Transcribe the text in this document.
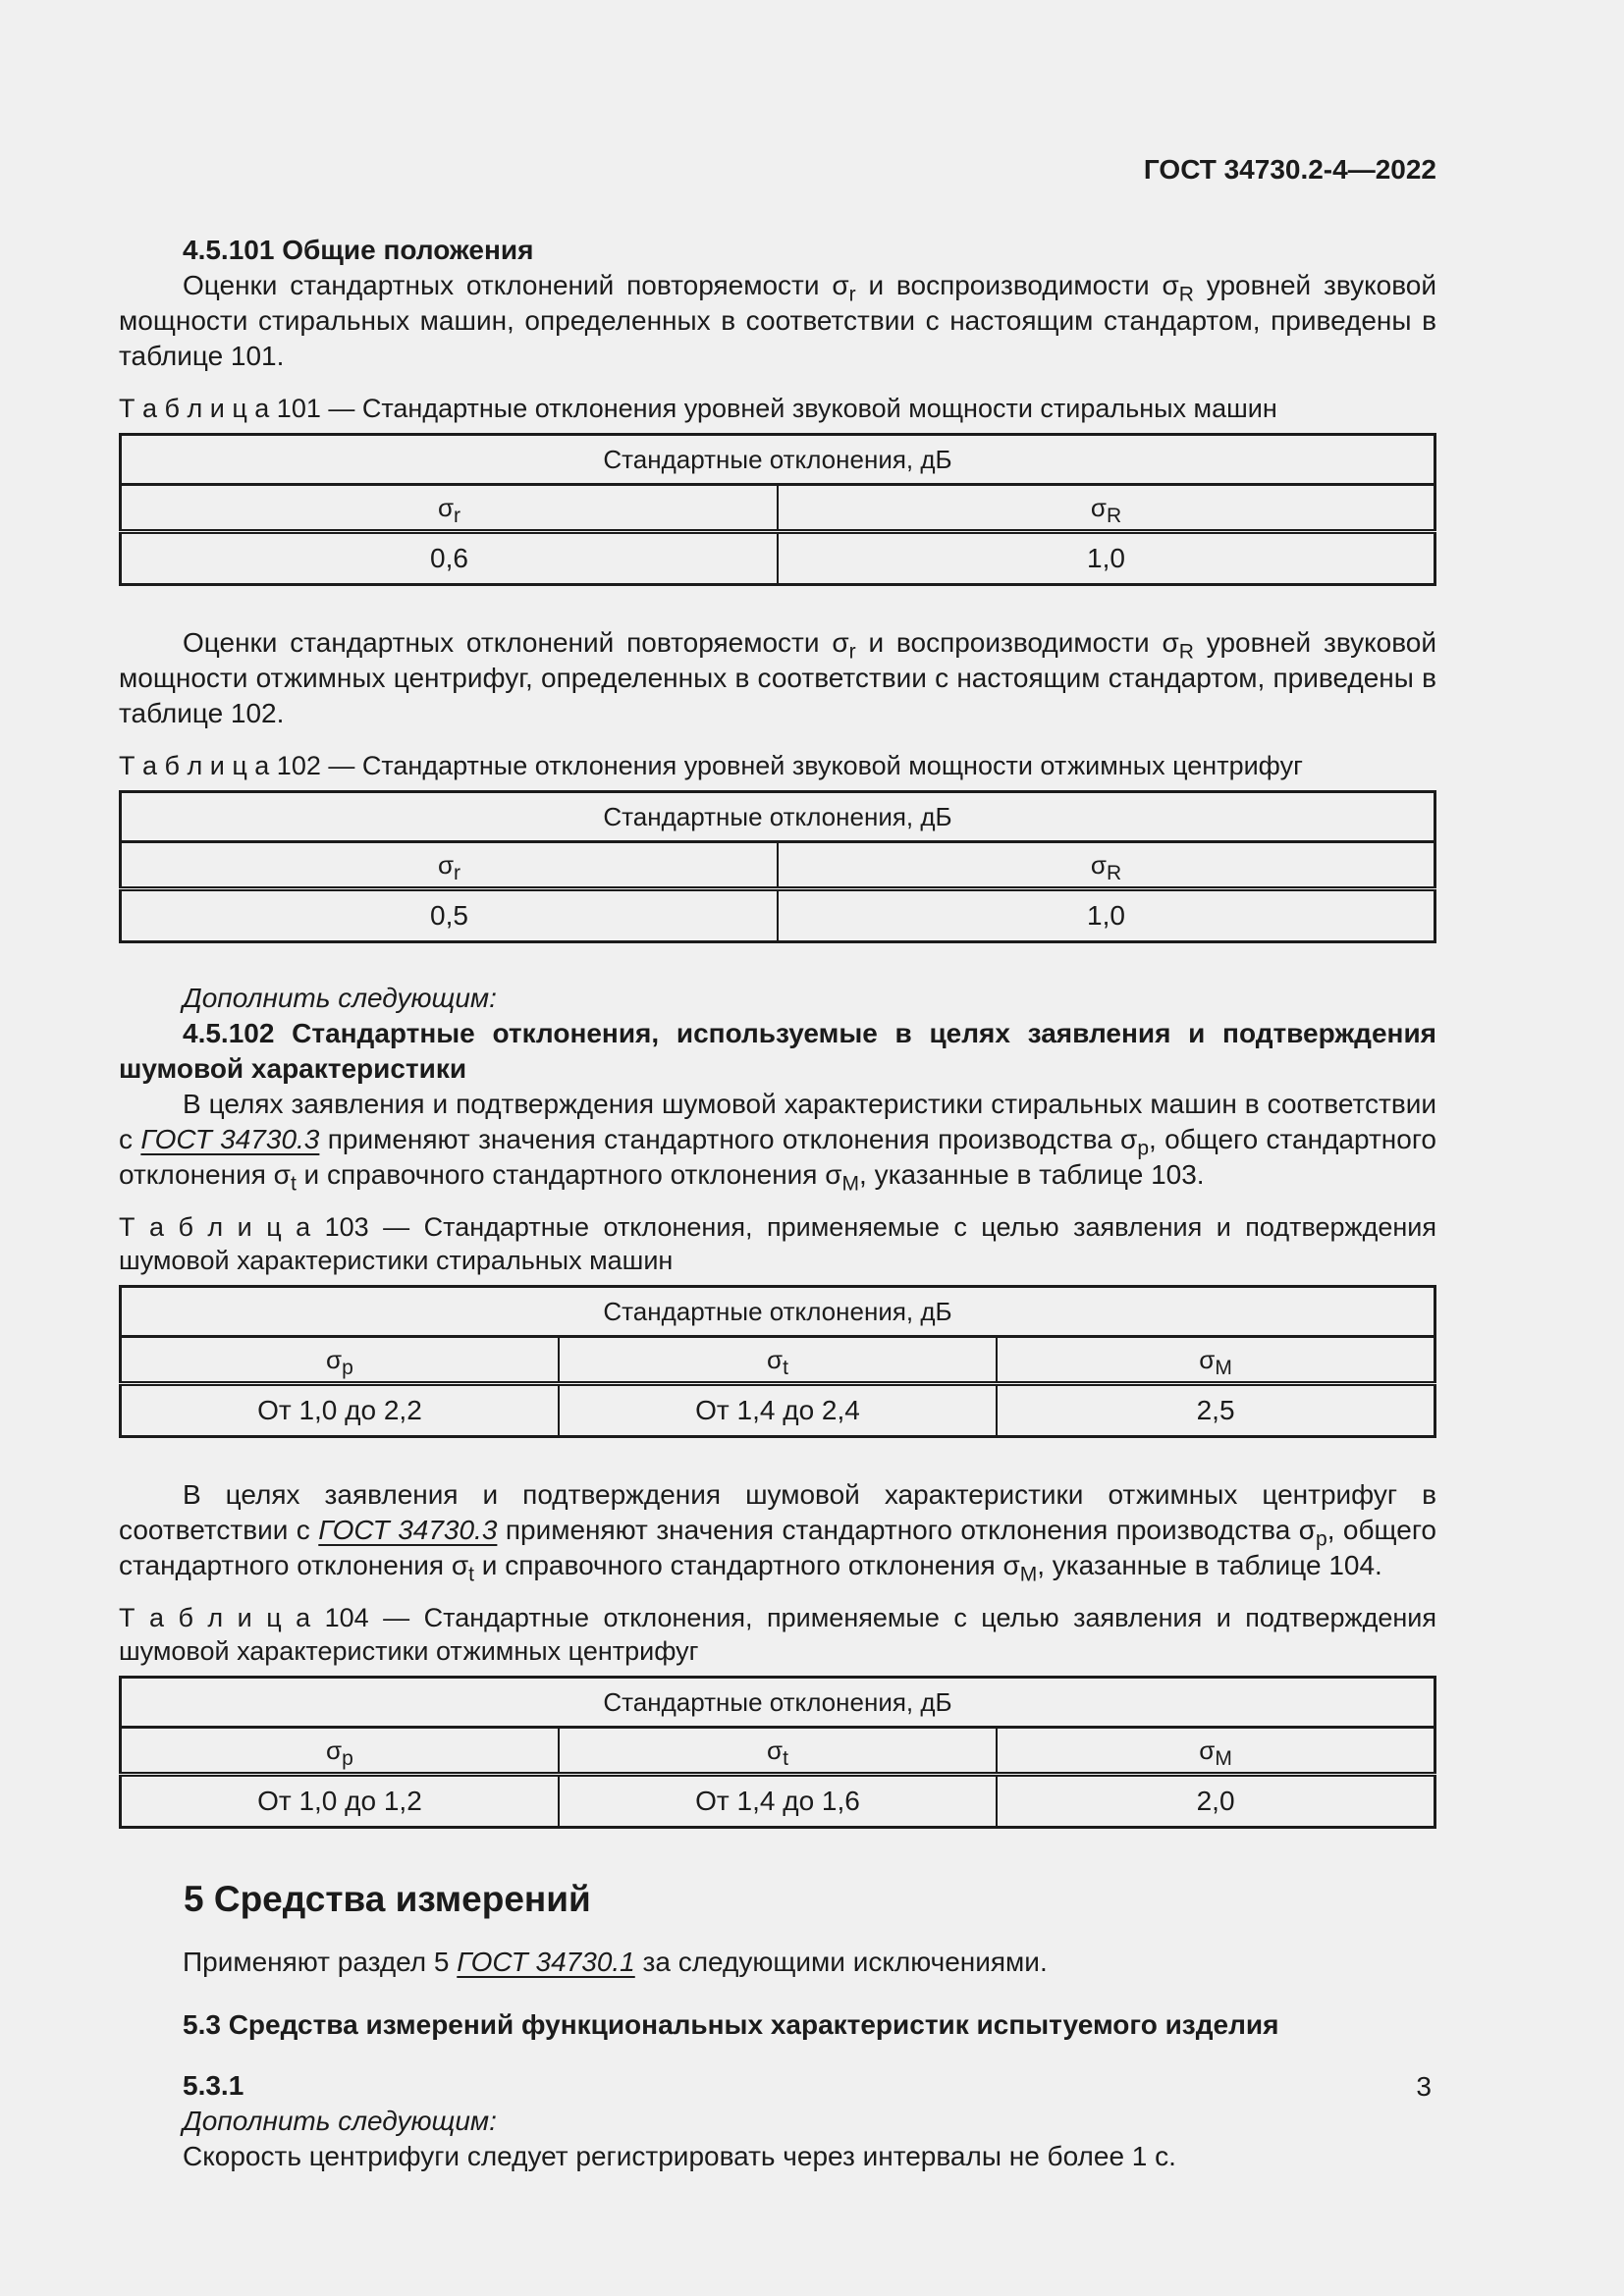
ГОСТ 34730.2-4—2022
4.5.101 Общие положения

Оценки стандартных отклонений повторяемости $\sigma_r$ и воспроизводимости $\sigma_R$ уровней звуковой мощности стиральных машин, определенных в соответствии с настоящим стандартом, приведены в таблице 101.

Т а б л и ц а 101 — Стандартные отклонения уровней звуковой мощности стиральных машин
Стандартные отклонения, дБ	
$\sigma_r$	$\sigma_R$
0,6	1,0

Оценки стандартных отклонений повторяемости $\sigma_r$ и воспроизводимости $\sigma_R$ уровней звуковой мощности отжимных центрифуг, определенных в соответствии с настоящим стандартом, приведены в таблице 102.

Т а б л и ц а 102 — Стандартные отклонения уровней звуковой мощности отжимных центрифуг
Стандартные отклонения, дБ	
$\sigma_r$	$\sigma_R$
0,5	1,0

Дополнить следующим:

4.5.102 Стандартные отклонения, используемые в целях заявления и подтверждения шумовой характеристики

В целях заявления и подтверждения шумовой характеристики стиральных машин в соответствии с ГОСТ 34730.3 применяют значения стандартного отклонения производства $\sigma_p$, общего стандартного отклонения $\sigma_t$ и справочного стандартного отклонения $\sigma_M$, указанные в таблице 103.

Т а б л и ц а 103 — Стандартные отклонения, применяемые с целью заявления и подтверждения шумовой характеристики стиральных машин
Стандартные отклонения, дБ		
$\sigma_p$	$\sigma_t$	$\sigma_M$
От 1,0 до 2,2	От 1,4 до 2,4	2,5

В целях заявления и подтверждения шумовой характеристики отжимных центрифуг в соответствии с ГОСТ 34730.3 применяют значения стандартного отклонения производства $\sigma_p$, общего стандартного отклонения $\sigma_t$ и справочного стандартного отклонения $\sigma_M$, указанные в таблице 104.

Т а б л и ц а 104 — Стандартные отклонения, применяемые с целью заявления и подтверждения шумовой характеристики отжимных центрифуг
Стандартные отклонения, дБ		
$\sigma_p$	$\sigma_t$	$\sigma_M$
От 1,0 до 1,2	От 1,4 до 1,6	2,0
5 Средства измерений

Применяют раздел 5 ГОСТ 34730.1 за следующими исключениями.

5.3 Средства измерений функциональных характеристик испытуемого изделия
5.3.1

Дополнить следующим:

Скорость центрифуги следует регистрировать через интервалы не более 1 с.

3
